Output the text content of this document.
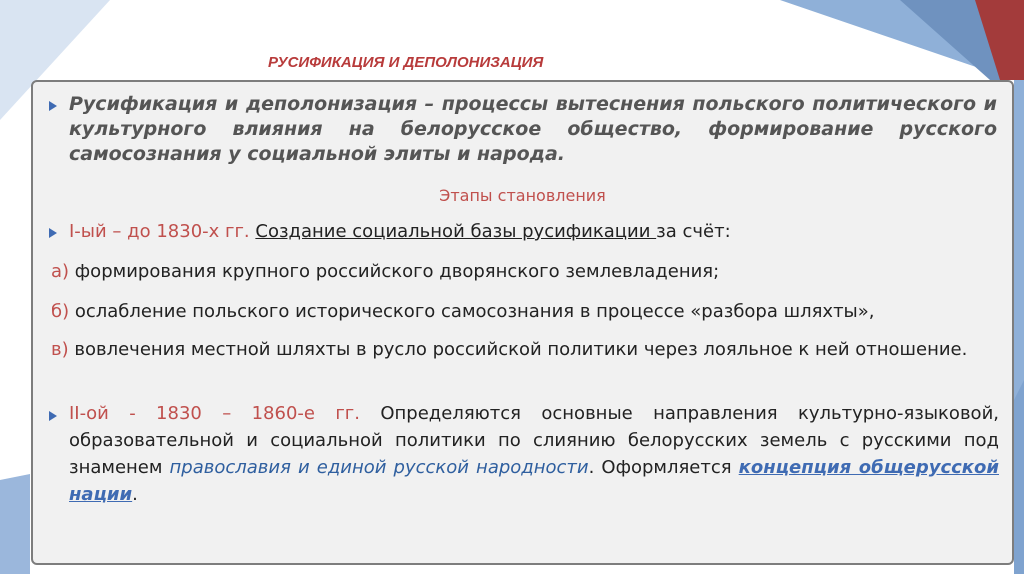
РУСИФИКАЦИЯ И ДЕПОЛОНИЗАЦИЯ
Русификация и деполонизация – процессы вытеснения польского политического и культурного влияния на белорусское общество, формирование русского самосознания у социальной элиты и народа.
Этапы становления
I-ый – до 1830-х гг. Создание социальной базы русификации за счёт:
а) формирования крупного российского дворянского землевладения;
б) ослабление польского исторического самосознания в процессе «разбора шляхты»,
в) вовлечения местной шляхты в русло российской политики через лояльное к ней отношение.
II-ой - 1830 – 1860-е гг. Определяются основные направления культурно-языковой, образовательной и социальной политики по слиянию белорусских земель с русскими под знаменем православия и единой русской народности. Оформляется концепция общерусской нации.
